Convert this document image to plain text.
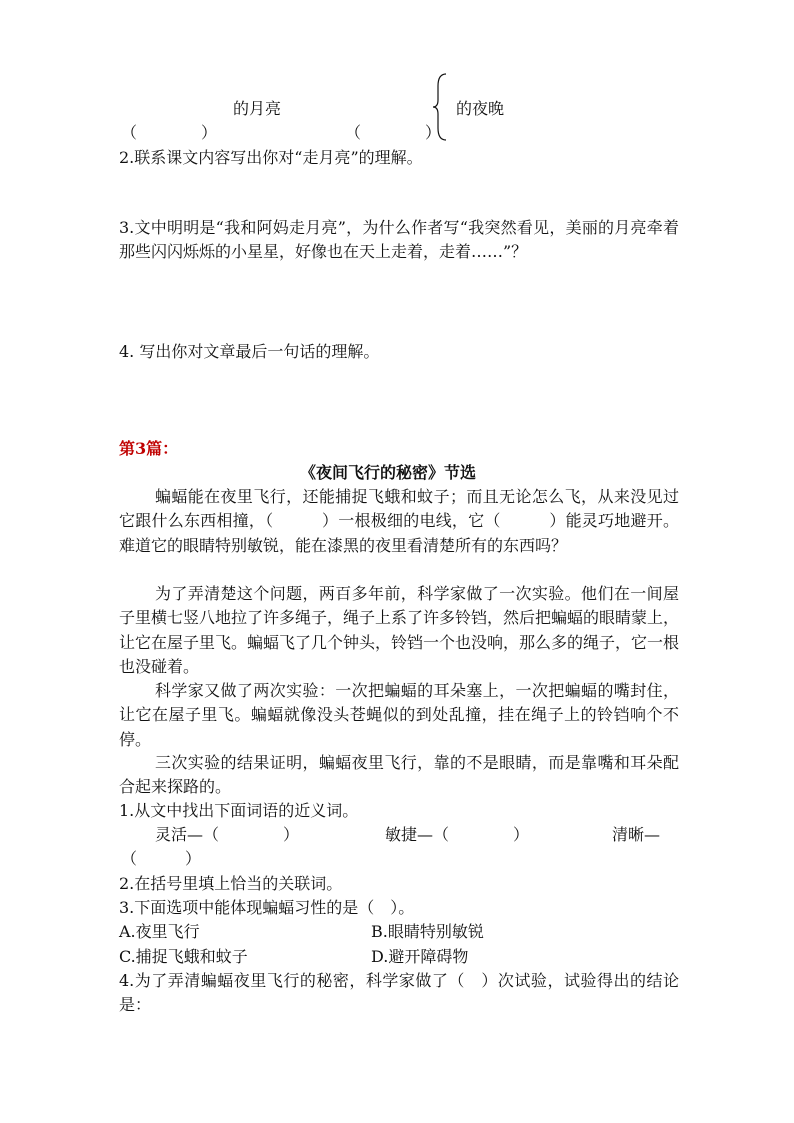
的月亮
（　　　　）	（　　　　）
的夜晚
2.联系课文内容写出你对“走月亮”的理解。
3.文中明明是“我和阿妈走月亮”，为什么作者写“我突然看见，美丽的月亮牵着那些闪闪烁烁的小星星，好像也在天上走着，走着……”？
4. 写出你对文章最后一句话的理解。
第3篇：
《夜间飞行的秘密》节选
蝙蝠能在夜里飞行，还能捕捉飞蛾和蚊子；而且无论怎么飞，从来没见过它跟什么东西相撞，（　　　）一根极细的电线，它（　　　）能灵巧地避开。难道它的眼睛特别敏锐，能在漆黑的夜里看清楚所有的东西吗？
为了弄清楚这个问题，两百多年前，科学家做了一次实验。他们在一间屋子里横七竖八地拉了许多绳子，绳子上系了许多铃铛，然后把蝙蝠的眼睛蒙上，让它在屋子里飞。蝙蝠飞了几个钟头，铃铛一个也没响，那么多的绳子，它一根也没碰着。
科学家又做了两次实验：一次把蝙蝠的耳朵塞上，一次把蝙蝠的嘴封住，让它在屋子里飞。蝙蝠就像没头苍蝇似的到处乱撞，挂在绳子上的铃铛响个不停。
三次实验的结果证明，蝙蝠夜里飞行，靠的不是眼睛，而是靠嘴和耳朵配合起来探路的。
1.从文中找出下面词语的近义词。
灵活—（　　　　）	敏捷—（　　　　）	清晰—
（　　　）
2.在括号里填上恰当的关联词。
3.下面选项中能体现蝙蝠习性的是（　）。
A.夜里飞行	B.眼睛特别敏锐
C.捕捉飞蛾和蚊子	D.避开障碍物
4.为了弄清蝙蝠夜里飞行的秘密，科学家做了（　）次试验，试验得出的结论是：
